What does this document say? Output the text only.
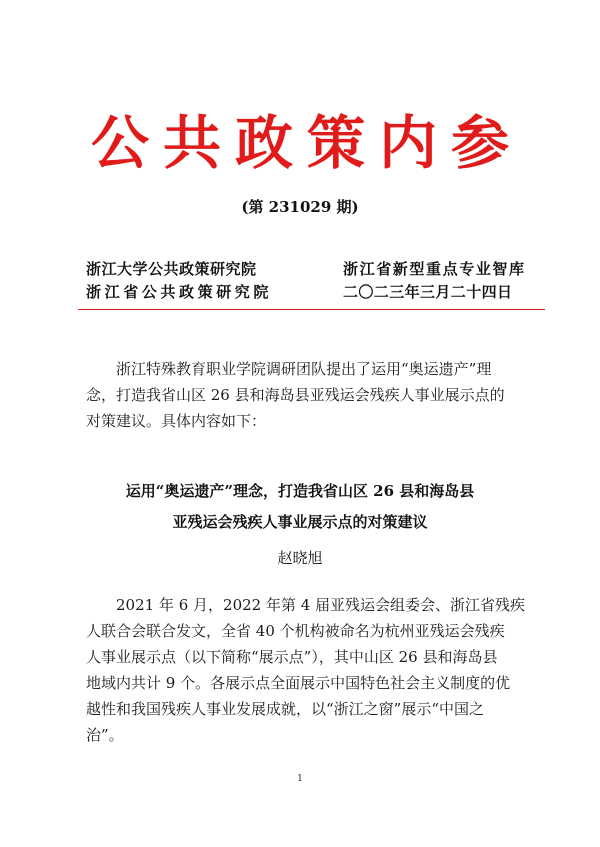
公共政策内参
(第 231029 期)
浙江大学公共政策研究院
浙江省公共政策研究院
浙江省新型重点专业智库
二〇二三年三月二十四日
浙江特殊教育职业学院调研团队提出了运用“奥运遗产”理
念，打造我省山区 26 县和海岛县亚残运会残疾人事业展示点的
对策建议。具体内容如下：
运用“奥运遗产”理念，打造我省山区 26 县和海岛县
亚残运会残疾人事业展示点的对策建议
赵晓旭
2021 年 6 月，2022 年第 4 届亚残运会组委会、浙江省残疾
人联合会联合发文，全省 40 个机构被命名为杭州亚残运会残疾
人事业展示点（以下简称“展示点”），其中山区 26 县和海岛县
地域内共计 9 个。各展示点全面展示中国特色社会主义制度的优
越性和我国残疾人事业发展成就，以“浙江之窗”展示“中国之
治”。
1
